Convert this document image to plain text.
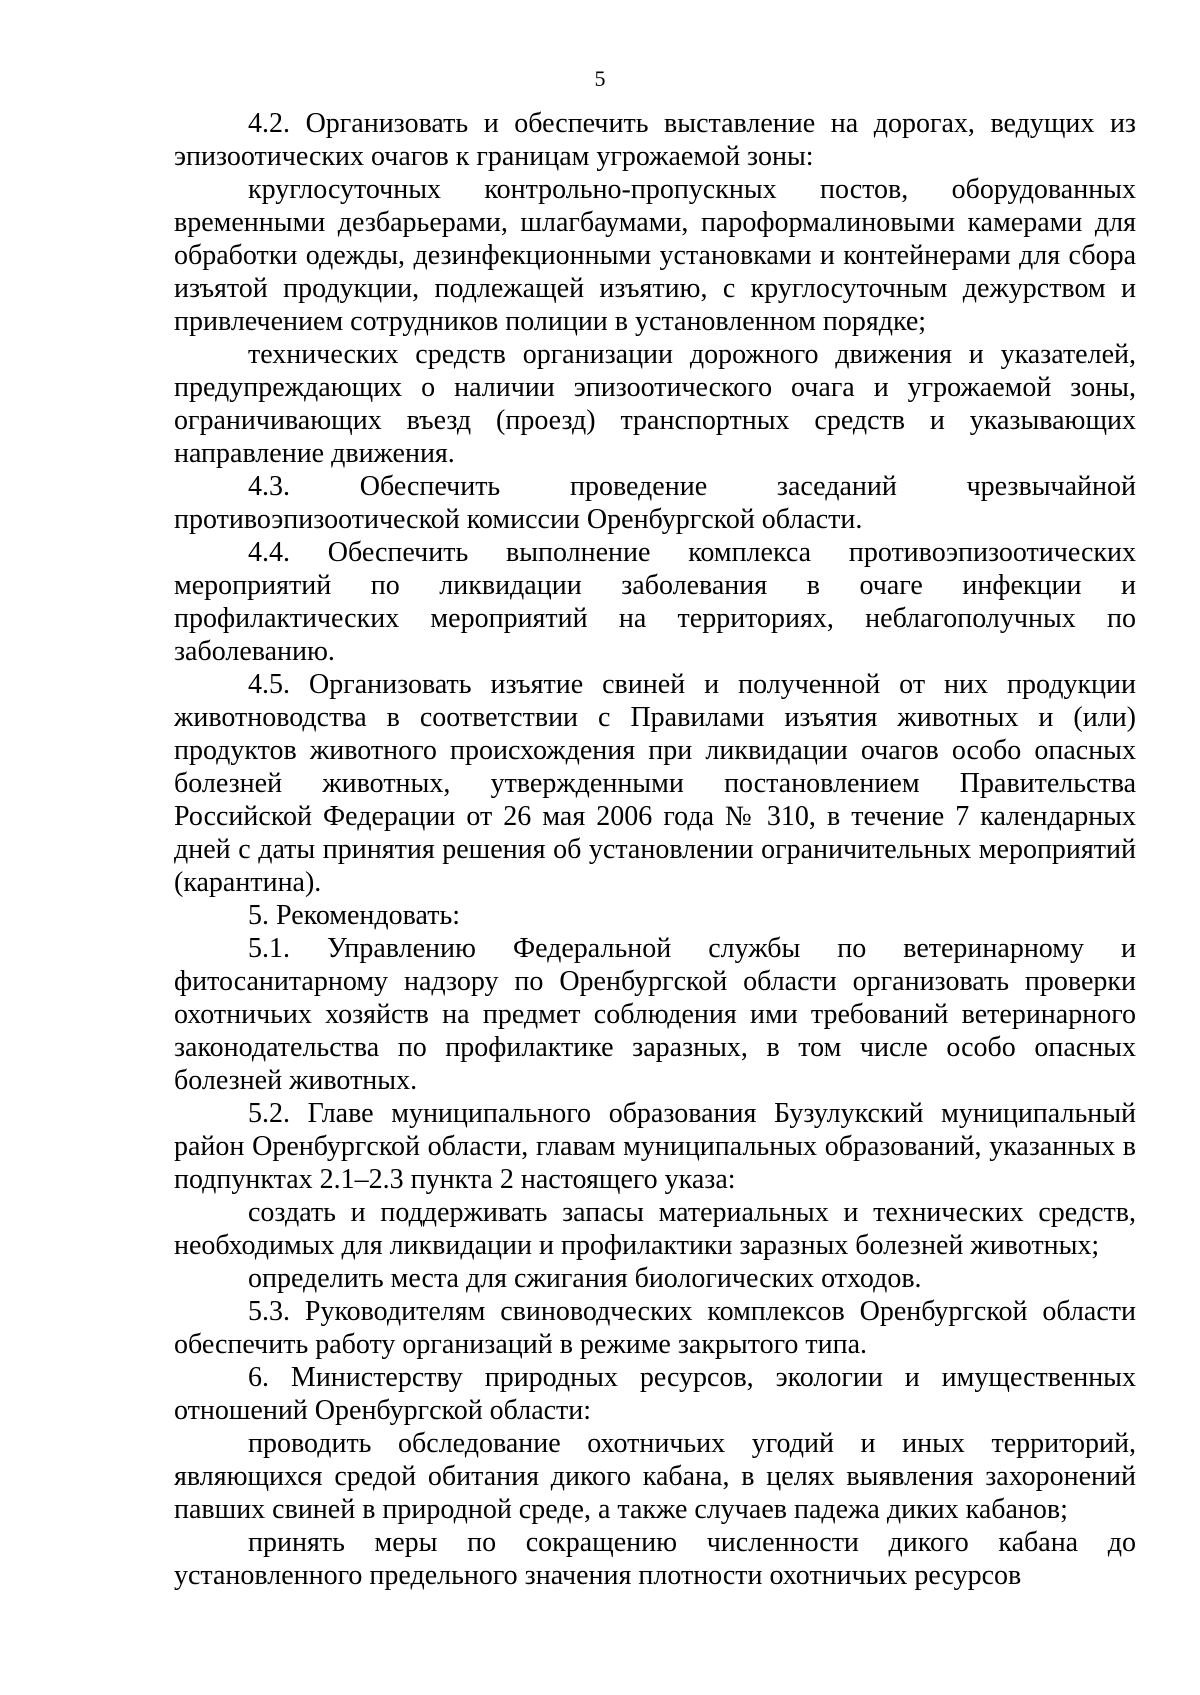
5

4.2. Организовать и обеспечить выставление на дорогах, ведущих из эпизоотических очагов к границам угрожаемой зоны:

круглосуточных контрольно-пропускных постов, оборудованных временными дезбарьерами, шлагбаумами, пароформалиновыми камерами для обработки одежды, дезинфекционными установками и контейнерами для сбора изъятой продукции, подлежащей изъятию, с круглосуточным дежурством и привлечением сотрудников полиции в установленном порядке;

технических средств организации дорожного движения и указателей, предупреждающих о наличии эпизоотического очага и угрожаемой зоны, ограничивающих въезд (проезд) транспортных средств и указывающих направление движения.

4.3. Обеспечить проведение заседаний чрезвычайной противоэпизоотической комиссии Оренбургской области.

4.4. Обеспечить выполнение комплекса противоэпизоотических мероприятий по ликвидации заболевания в очаге инфекции и профилактических мероприятий на территориях, неблагополучных по заболеванию.

4.5. Организовать изъятие свиней и полученной от них продукции животноводства в соответствии с Правилами изъятия животных и (или) продуктов животного происхождения при ликвидации очагов особо опасных болезней животных, утвержденными постановлением Правительства Российской Федерации от 26 мая 2006 года № 310, в течение 7 календарных дней с даты принятия решения об установлении ограничительных мероприятий (карантина).

5. Рекомендовать:

5.1. Управлению Федеральной службы по ветеринарному и фитосанитарному надзору по Оренбургской области организовать проверки охотничьих хозяйств на предмет соблюдения ими требований ветеринарного законодательства по профилактике заразных, в том числе особо опасных болезней животных.

5.2. Главе муниципального образования Бузулукский муниципальный район Оренбургской области, главам муниципальных образований, указанных в подпунктах 2.1–2.3 пункта 2 настоящего указа:

создать и поддерживать запасы материальных и технических средств, необходимых для ликвидации и профилактики заразных болезней животных;

определить места для сжигания биологических отходов.

5.3. Руководителям свиноводческих комплексов Оренбургской области обеспечить работу организаций в режиме закрытого типа.

6. Министерству природных ресурсов, экологии и имущественных отношений Оренбургской области:

проводить обследование охотничьих угодий и иных территорий, являющихся средой обитания дикого кабана, в целях выявления захоронений павших свиней в природной среде, а также случаев падежа диких кабанов;

принять меры по сокращению численности дикого кабана до установленного предельного значения плотности охотничьих ресурсов
